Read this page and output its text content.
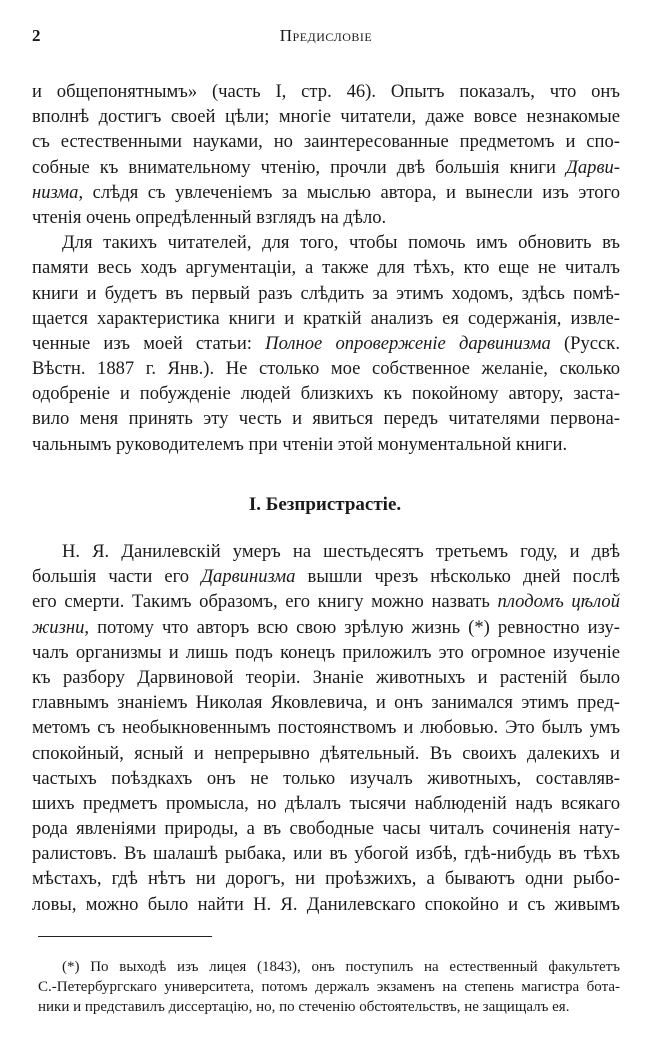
2	Предисловіе
и общепонятнымъ» (часть I, стр. 46). Опытъ показалъ, что онъ
вполнѣ достигъ своей цѣли; многіе читатели, даже вовсе незнакомые
съ естественными науками, но заинтересованные предметомъ и спо-
собные къ внимательному чтенію, прочли двѣ большія книги Дарви-
низма, слѣдя съ увлеченіемъ за мыслью автора, и вынесли изъ этого
чтенія очень опредѣленный взглядъ на дѣло.
Для такихъ читателей, для того, чтобы помочь имъ обновить въ
памяти весь ходъ аргументаціи, а также для тѣхъ, кто еще не читалъ
книги и будетъ въ первый разъ слѣдить за этимъ ходомъ, здѣсь помѣ-
щается характеристика книги и краткій анализъ ея содержанія, извле-
ченные изъ моей статьи: Полное опроверженіе дарвинизма (Русск.
Вѣстн. 1887 г. Янв.). Не столько мое собственное желаніе, сколько
одобреніе и побужденіе людей близкихъ къ покойному автору, заста-
вило меня принять эту честь и явиться передъ читателями первона-
чальнымъ руководителемъ при чтеніи этой монументальной книги.
I. Безпристрастіе.
Н. Я. Данилевскій умеръ на шестьдесятъ третьемъ году, и двѣ
большія части его Дарвинизма вышли чрезъ нѣсколько дней послѣ
его смерти. Такимъ образомъ, его книгу можно назвать плодомъ цѣлой
жизни, потому что авторъ всю свою зрѣлую жизнь (*) ревностно изу-
чалъ организмы и лишь подъ конецъ приложилъ это огромное изученіе
къ разбору Дарвиновой теоріи. Знаніе животныхъ и растеній было
главнымъ знаніемъ Николая Яковлевича, и онъ занимался этимъ пред-
метомъ съ необыкновеннымъ постоянствомъ и любовью. Это былъ умъ
спокойный, ясный и непрерывно дѣятельный. Въ своихъ далекихъ и
частыхъ поѣздкахъ онъ не только изучалъ животныхъ, составляв-
шихъ предметъ промысла, но дѣлалъ тысячи наблюденій надъ всякаго
рода явленіями природы, а въ свободные часы читалъ сочиненія нату-
ралистовъ. Въ шалашѣ рыбака, или въ убогой избѣ, гдѣ-нибудь въ тѣхъ
мѣстахъ, гдѣ нѣтъ ни дорогъ, ни проѣзжихъ, а бываютъ одни рыбо-
ловы, можно было найти Н. Я. Данилевскаго спокойно и съ живымъ
(*) По выходѣ изъ лицея (1843), онъ поступилъ на естественный факультетъ
С.-Петербургскаго университета, потомъ держалъ экзаменъ на степень магистра бота-
ники и представилъ диссертацію, но, по стеченію обстоятельствъ, не защищалъ ея.
